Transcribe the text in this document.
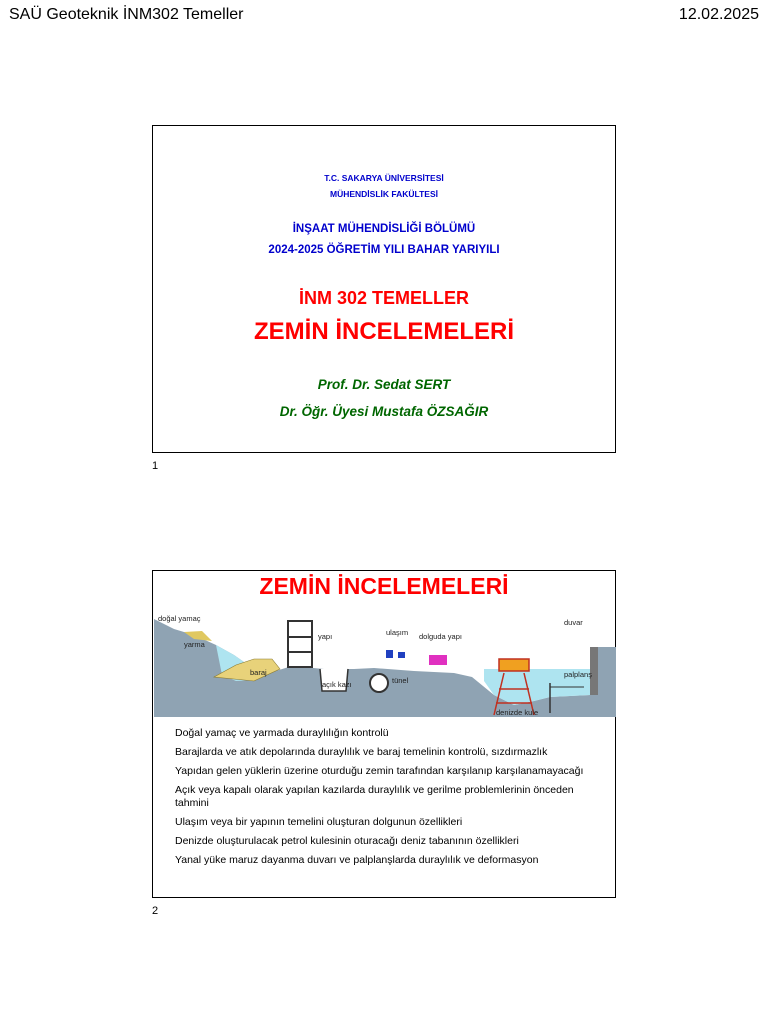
SAÜ Geoteknik İNM302 Temeller	12.02.2025
T.C. SAKARYA ÜNİVERSİTESİ
MÜHENDİSLİK FAKÜLTESİ
İNŞAAT MÜHENDİSLİĞİ BÖLÜMÜ
2024-2025 ÖĞRETİM YILI BAHAR YARIYILI
İNM 302 TEMELLER
ZEMİN İNCELEMELERİ
Prof. Dr. Sedat SERT
Dr. Öğr. Üyesi Mustafa ÖZSAĞIR
1
ZEMİN İNCELEMELERİ
doğal yamaç
yarma
baraj
yapı	ulaşım dolguda yapı
duvar
palplanş
açık kazı	tünel
denizde kule
Doğal yamaç ve yarmada duraylılığın kontrolü
Barajlarda ve atık depolarında duraylılık ve baraj temelinin kontrolü, sızdırmazlık
Yapıdan gelen yüklerin üzerine oturduğu zemin tarafından karşılanıp karşılanamayacağı
Açık veya kapalı olarak yapılan kazılarda duraylılık ve gerilme problemlerinin önceden tahmini
Ulaşım veya bir yapının temelini oluşturan dolgunun özellikleri
Denizde oluşturulacak petrol kulesinin oturacağı deniz tabanının özellikleri
Yanal yüke maruz dayanma duvarı ve palplanşlarda duraylılık ve deformasyon
2
